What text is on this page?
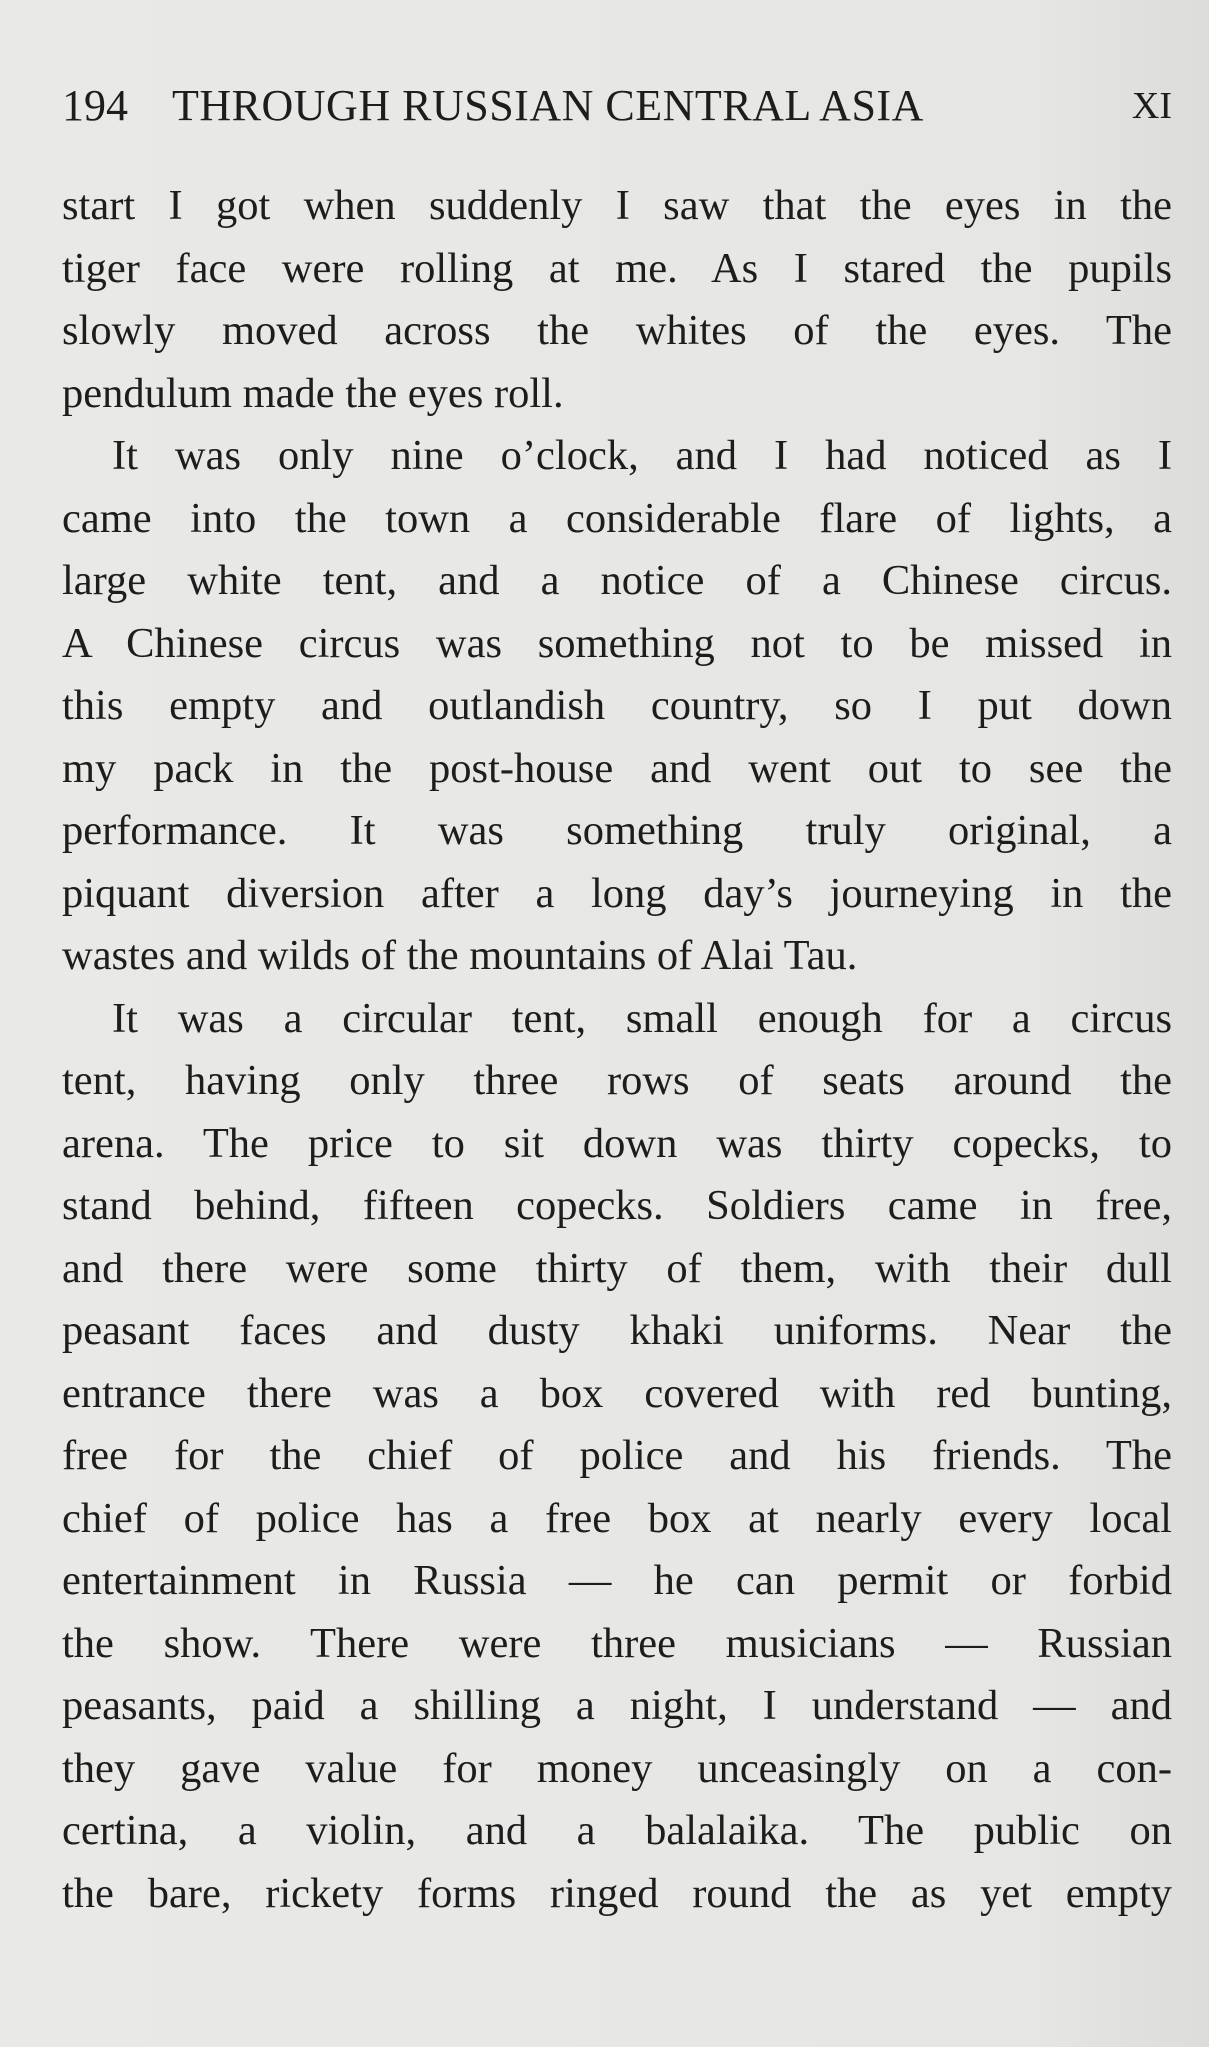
194 THROUGH RUSSIAN CENTRAL ASIA	XI
start I got when suddenly I saw that the eyes in the
tiger face were rolling at me. As I stared the pupils
slowly moved across the whites of the eyes. The
pendulum made the eyes roll.
It was only nine o’clock, and I had noticed as I
came into the town a considerable flare of lights, a
large white tent, and a notice of a Chinese circus.
A Chinese circus was something not to be missed in
this empty and outlandish country, so I put down
my pack in the post-house and went out to see the
performance. It was something truly original, a
piquant diversion after a long day’s journeying in the
wastes and wilds of the mountains of Alai Tau.
It was a circular tent, small enough for a circus
tent, having only three rows of seats around the
arena. The price to sit down was thirty copecks, to
stand behind, fifteen copecks. Soldiers came in free,
and there were some thirty of them, with their dull
peasant faces and dusty khaki uniforms. Near the
entrance there was a box covered with red bunting,
free for the chief of police and his friends. The
chief of police has a free box at nearly every local
entertainment in Russia — he can permit or forbid
the show. There were three musicians — Russian
peasants, paid a shilling a night, I understand — and
they gave value for money unceasingly on a con-
certina, a violin, and a balalaika. The public on
the bare, rickety forms ringed round the as yet empty
